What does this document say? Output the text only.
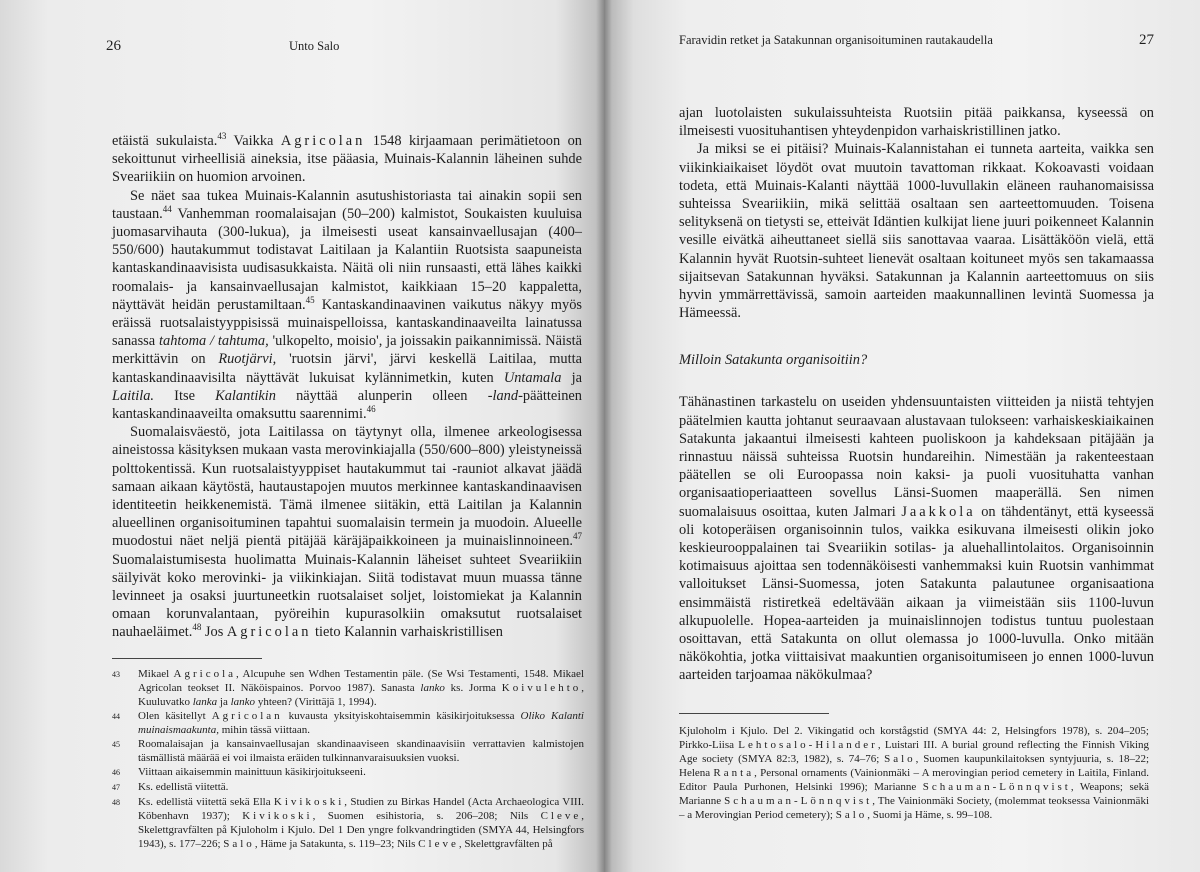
26	Unto Salo

etäistä sukulaista.$^{43}$ Vaikka Agricolan 1548 kirjaamaan perimätietoon on sekoittunut virheellisiä aineksia, itse pääasia, Muinais-Kalannin läheinen suhde Sveariikiin on huomion arvoinen.

Se näet saa tukea Muinais-Kalannin asutushistoriasta tai ainakin sopii sen taustaan.$^{44}$ Vanhemman roomalaisajan (50–200) kalmistot, Soukaisten kuuluisa juomasarvihauta (300-lukua), ja ilmeisesti useat kansainvaellusajan (400–550/600) hautakummut todistavat Laitilaan ja Kalantiin Ruotsista saapuneista kantaskandinaavisista uudisasukkaista. Näitä oli niin runsaasti, että lähes kaikki roomalais- ja kansainvaellusajan kalmistot, kaikkiaan 15–20 kappaletta, näyttävät heidän perustamiltaan.$^{45}$ Kantaskandinaavinen vaikutus näkyy myös eräissä ruotsalaistyyppisissä muinaispelloissa, kantaskandinaaveilta lainatussa sanassa tahtoma / tahtuma, 'ulkopelto, moisio', ja joissakin paikannimissä. Näistä merkittävin on Ruotjärvi, 'ruotsin järvi', järvi keskellä Laitilaa, mutta kantaskandinaavisilta näyttävät lukuisat kylännimetkin, kuten Untamala ja Laitila. Itse Kalantikin näyttää alunperin olleen -land-päätteinen kantaskandinaaveilta omaksuttu saarennimi.$^{46}$

Suomalaisväestö, jota Laitilassa on täytynyt olla, ilmenee arkeologisessa aineistossa käsityksen mukaan vasta merovinkiajalla (550/600–800) yleistyneissä polttokentissä. Kun ruotsalaistyyppiset hautakummut tai -rauniot alkavat jäädä samaan aikaan käytöstä, hautaustapojen muutos merkinnee kantaskandinaavisen identiteetin heikkenemistä. Tämä ilmenee siitäkin, että Laitilan ja Kalannin alueellinen organisoituminen tapahtui suomalaisin termein ja muodoin. Alueelle muodostui näet neljä pientä pitäjää käräjäpaikkoineen ja muinaislinnoineen.$^{47}$ Suomalaistumisesta huolimatta Muinais-Kalannin läheiset suhteet Sveariikiin säilyivät koko merovinki- ja viikinkiajan. Siitä todistavat muun muassa tänne levinneet ja osaksi juurtuneetkin ruotsalaiset soljet, loistomiekat ja Kalannin omaan korunvalantaan, pyöreihin kupurasolkiin omaksutut ruotsalaiset nauhaeläimet.$^{48}$ Jos Agricolan tieto Kalannin varhaiskristillisen

43	Mikael Agricola, Alcupuhe sen Wdhen Testamentin päle. (Se Wsi Testamenti, 1548. Mikael Agricolan teokset II. Näköispainos. Porvoo 1987). Sanasta lanko ks. Jorma Koivulehto, Kuuluvatko lanka ja lanko yhteen? (Virittäjä 1, 1994).
44	Olen käsitellyt Agricolan kuvausta yksityiskohtaisemmin käsikirjoituksessa Oliko Kalanti muinaismaakunta, mihin tässä viittaan.
45	Roomalaisajan ja kansainvaellusajan skandinaaviseen skandinaavisiin verrattavien kalmistojen täsmällistä määrää ei voi ilmaista eräiden tulkinnanvaraisuuksien vuoksi.
46	Viittaan aikaisemmin mainittuun käsikirjoitukseeni.
47	Ks. edellistä viitettä.
48	Ks. edellistä viitettä sekä Ella Kivikoski, Studien zu Birkas Handel (Acta Archaeologica VIII. Köbenhavn 1937); Kivikoski, Suomen esihistoria, s. 206–208; Nils Cleve, Skelettgravfälten på Kjuloholm i Kjulo. Del 1 Den yngre folkvandringtiden (SMYA 44, Helsingfors 1943), s. 177–226; Salo, Häme ja Satakunta, s. 119–23; Nils Cleve, Skelettgravfälten på
Faravidin retket ja Satakunnan organisoituminen rautakaudella	27

ajan luotolaisten sukulaissuhteista Ruotsiin pitää paikkansa, kyseessä on ilmeisesti vuosituhantisen yhteydenpidon varhaiskristillinen jatko.

Ja miksi se ei pitäisi? Muinais-Kalannistahan ei tunneta aarteita, vaikka sen viikinkiaikaiset löydöt ovat muutoin tavattoman rikkaat. Kokoavasti voidaan todeta, että Muinais-Kalanti näyttää 1000-luvullakin eläneen rauhanomaisissa suhteissa Sveariikiin, mikä selittää osaltaan sen aarteettomuuden. Toisena selityksenä on tietysti se, etteivät Idäntien kulkijat liene juuri poikenneet Kalannin vesille eivätkä aiheuttaneet siellä siis sanottavaa vaaraa. Lisättäköön vielä, että Kalannin hyvät Ruotsin-suhteet lienevät osaltaan koituneet myös sen takamaassa sijaitsevan Satakunnan hyväksi. Satakunnan ja Kalannin aarteettomuus on siis hyvin ymmärrettävissä, samoin aarteiden maakunnallinen levintä Suomessa ja Hämeessä.

Milloin Satakunta organisoitiin?

Tähänastinen tarkastelu on useiden yhdensuuntaisten viitteiden ja niistä tehtyjen päätelmien kautta johtanut seuraavaan alustavaan tulokseen: varhaiskeskiaikainen Satakunta jakaantui ilmeisesti kahteen puoliskoon ja kahdeksaan pitäjään ja rinnastuu näissä suhteissa Ruotsin hundareihin. Nimestään ja rakenteestaan päätellen se oli Euroopassa noin kaksi- ja puoli vuosituhatta vanhan organisaatioperiaatteen sovellus Länsi-Suomen maaperällä. Sen nimen suomalaisuus osoittaa, kuten Jalmari Jaakkola on tähdentänyt, että kyseessä oli kotoperäisen organisoinnin tulos, vaikka esikuvana ilmeisesti olikin joko keskieurooppalainen tai Sveariikin sotilas- ja aluehallintolaitos. Organisoinnin kotimaisuus ajoittaa sen todennäköisesti vanhemmaksi kuin Ruotsin vanhimmat valloitukset Länsi-Suomessa, joten Satakunta palautunee organisaationa ensimmäistä ristiretkeä edeltävään aikaan ja viimeistään siis 1100-luvun alkupuolelle. Hopea-aarteiden ja muinaislinnojen todistus tuntuu puolestaan osoittavan, että Satakunta on ollut olemassa jo 1000-luvulla. Onko mitään näkökohtia, jotka viittaisivat maakuntien organisoitumiseen jo ennen 1000-luvun aarteiden tarjoamaa näkökulmaa?

Kjuloholm i Kjulo. Del 2. Vikingatid och korstågstid (SMYA 44: 2, Helsingfors 1978), s. 204–205; Pirkko-Liisa Lehtosalo-Hilander, Luistari III. A burial ground reflecting the Finnish Viking Age society (SMYA 82:3, 1982), s. 74–76; Salo, Suomen kaupunkilaitoksen syntyjuuria, s. 18–22; Helena Ranta, Personal ornaments (Vainionmäki – A merovingian period cemetery in Laitila, Finland. Editor Paula Purhonen, Helsinki 1996); Marianne Schauman-Lönnqvist, Weapons; sekä Marianne Schauman-Lönnqvist, The Vainionmäki Society, (molemmat teoksessa Vainionmäki – a Merovingian Period cemetery); Salo, Suomi ja Häme, s. 99–108.
